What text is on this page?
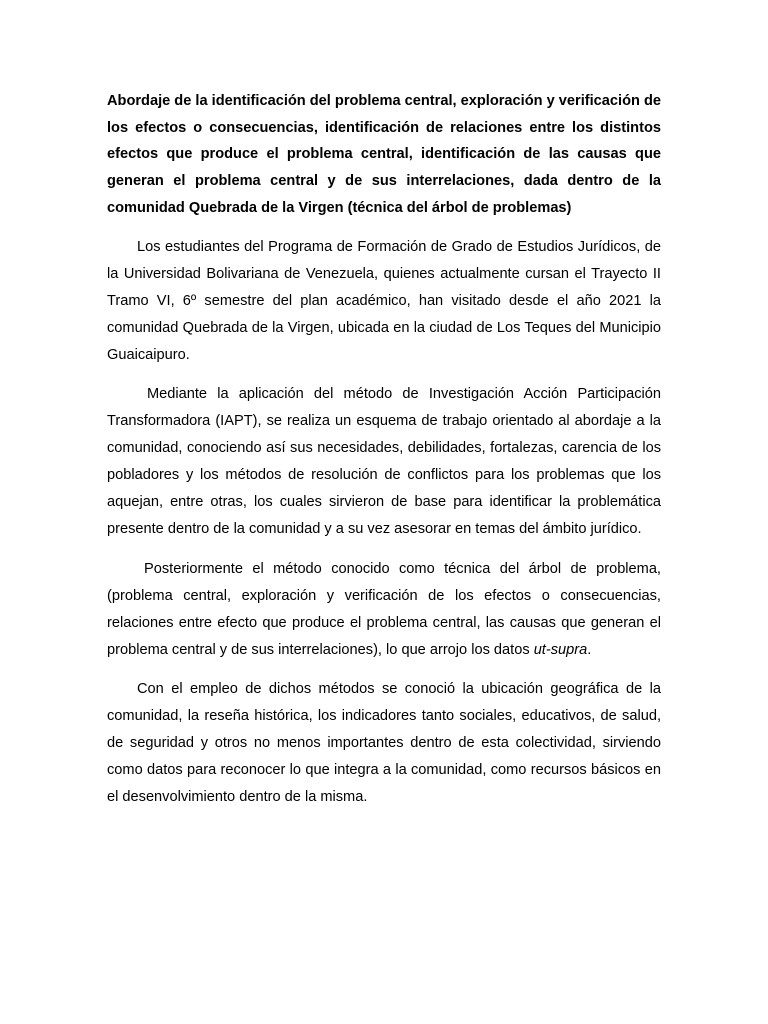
Abordaje de la identificación del problema central, exploración y verificación de los efectos o consecuencias, identificación de relaciones entre los distintos efectos que produce el problema central, identificación de las causas que generan el problema central y de sus interrelaciones, dada dentro de la comunidad Quebrada de la Virgen (técnica del árbol de problemas)

Los estudiantes del Programa de Formación de Grado de Estudios Jurídicos, de la Universidad Bolivariana de Venezuela, quienes actualmente cursan el Trayecto II Tramo VI, 6º semestre del plan académico, han visitado desde el año 2021 la comunidad Quebrada de la Virgen, ubicada en la ciudad de Los Teques del Municipio Guaicaipuro.

Mediante la aplicación del método de Investigación Acción Participación Transformadora (IAPT), se realiza un esquema de trabajo orientado al abordaje a la comunidad, conociendo así sus necesidades, debilidades, fortalezas, carencia de los pobladores y los métodos de resolución de conflictos para los problemas que los aquejan, entre otras, los cuales sirvieron de base para identificar la problemática presente dentro de la comunidad y a su vez asesorar en temas del ámbito jurídico.

Posteriormente el método conocido como técnica del árbol de problema, (problema central, exploración y verificación de los efectos o consecuencias, relaciones entre efecto que produce el problema central, las causas que generan el problema central y de sus interrelaciones), lo que arrojo los datos ut-supra.

Con el empleo de dichos métodos se conoció la ubicación geográfica de la comunidad, la reseña histórica, los indicadores tanto sociales, educativos, de salud, de seguridad y otros no menos importantes dentro de esta colectividad, sirviendo como datos para reconocer lo que integra a la comunidad, como recursos básicos en el desenvolvimiento dentro de la misma.
